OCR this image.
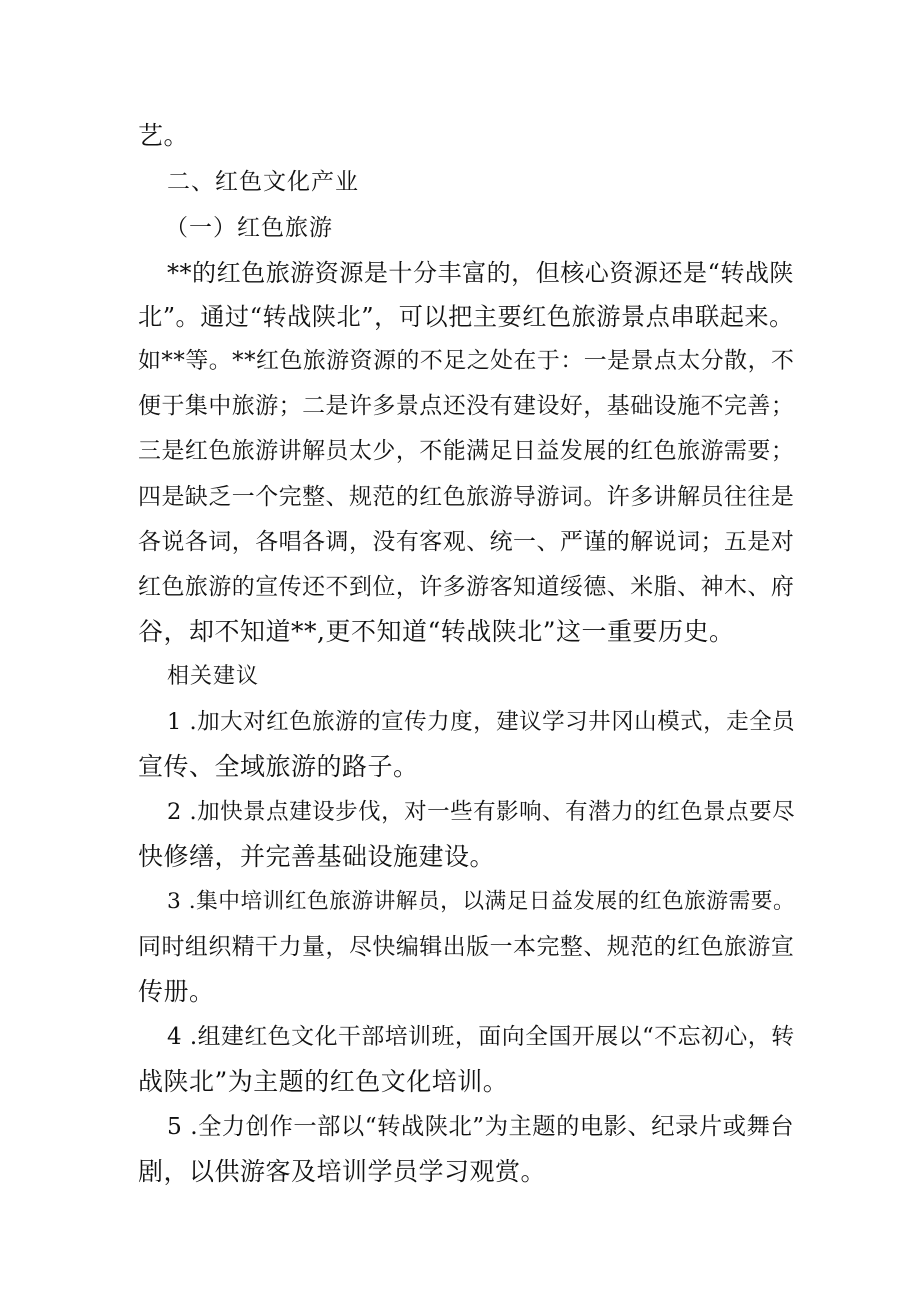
艺。

二、红色文化产业

（一）红色旅游

**的红色旅游资源是十分丰富的，但核心资源还是“转战陕

北”。通过“转战陕北”，可以把主要红色旅游景点串联起来。

如**等。**红色旅游资源的不足之处在于：一是景点太分散，不

便于集中旅游；二是许多景点还没有建设好，基础设施不完善；

三是红色旅游讲解员太少，不能满足日益发展的红色旅游需要；

四是缺乏一个完整、规范的红色旅游导游词。许多讲解员往往是

各说各词，各唱各调，没有客观、统一、严谨的解说词；五是对

红色旅游的宣传还不到位，许多游客知道绥德、米脂、神木、府

谷，却不知道**,更不知道“转战陕北”这一重要历史。

相关建议

1 .加大对红色旅游的宣传力度，建议学习井冈山模式，走全员

宣传、全域旅游的路子。

2 .加快景点建设步伐，对一些有影响、有潜力的红色景点要尽

快修缮，并完善基础设施建设。

3 .集中培训红色旅游讲解员，以满足日益发展的红色旅游需要。

同时组织精干力量，尽快编辑出版一本完整、规范的红色旅游宣

传册。

4 .组建红色文化干部培训班，面向全国开展以“不忘初心，转

战陕北”为主题的红色文化培训。

5 .全力创作一部以“转战陕北”为主题的电影、纪录片或舞台

剧，以供游客及培训学员学习观赏。
